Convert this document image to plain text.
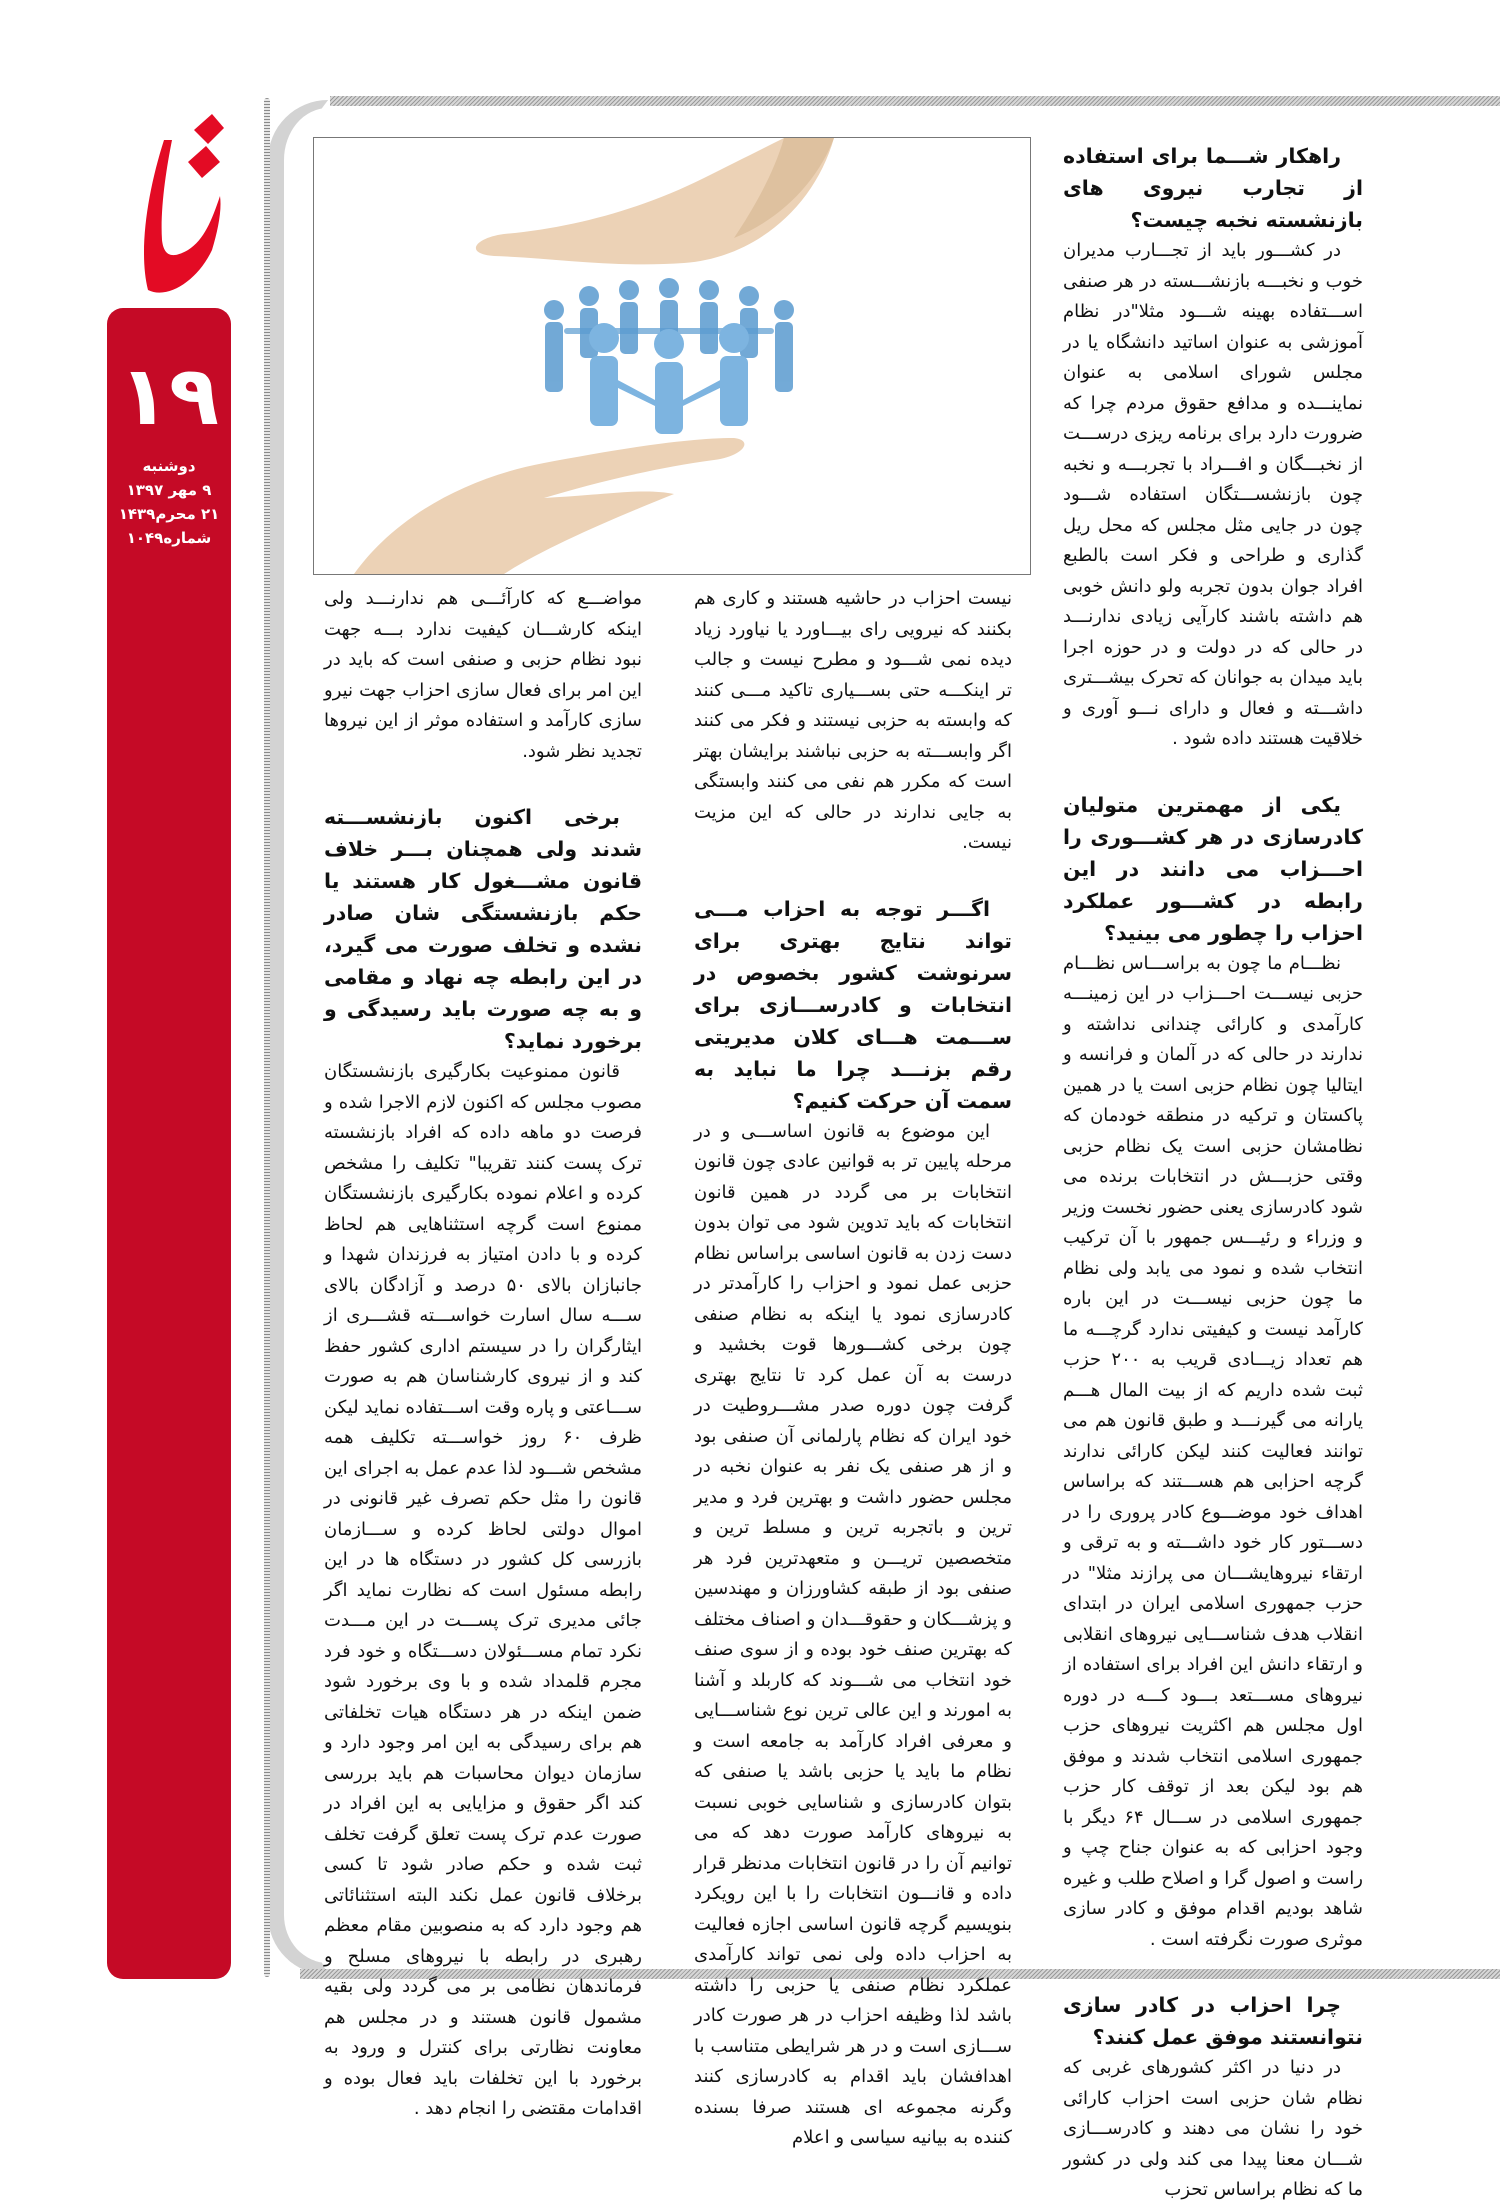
۱۹
دوشنبه
۹ مهر ۱۳۹۷
۲۱ محرم۱۴۳۹
شماره۱۰۴۹
راهکار شـــما برای استفاده از تجارب نیروی های بازنشسته نخبه چیست؟

در کشـــور باید از تجـــارب مدیران خوب و نخبـــه بازنشـــسته در هر صنفی اســـتفاده بهینه شـــود مثلا"در نظام آموزشی به عنوان اساتید دانشگاه یا در مجلس شورای اسلامی به عنوان نماینـــده و مدافع حقوق مردم چرا که ضرورت دارد برای برنامه ریزی درســـت از نخبـــگان و افـــراد با تجربـــه و نخبه چون بازنشســـتگان استفاده شـــود چون در جایی مثل مجلس که محل ریل گذاری و طراحی و فکر است بالطبع افراد جوان بدون تجربه ولو دانش خوبی هم داشته باشند کارآیی زیادی ندارنـــد در حالی که در دولت و در حوزه اجرا باید میدان به جوانان که تحرک بیشـــتری داشـــته و فعال و دارای نـــو آوری و خلاقیت هستند داده شود .

یکی از مهمترین متولیان کادرسازی در هر کشـــوری را احـــزاب می دانند در این رابطه در کشـــور عملکرد احزاب را چطور می بینید؟

نظـــام ما چون به براســـاس نظـــام حزبی نیســـت احـــزاب در این زمینـــه کارآمدی و کارائی چندانی نداشته و ندارند در حالی که در آلمان و فرانسه و ایتالیا چون نظام حزبی است یا در همین پاکستان و ترکیه در منطقه خودمان که نظامشان حزبی است یک نظام حزبی وقتی حزبـــش در انتخابات برنده می شود کادرسازی یعنی حضور نخست وزیر و وزراء و رئیـــس جمهور با آن ترکیب انتخاب شده و نمود می یابد ولی نظام ما چون حزبی نیســـت در این باره کارآمد نیست و کیفیتی ندارد گرچـــه ما هم تعداد زیـــادی قریب به ۲۰۰ حزب ثبت شده داریم که از بیت المال هـــم یارانه می گیرنـــد و طبق قانون هم می توانند فعالیت کنند لیکن کارائی ندارند گرچه احزابی هم هســـتند که براساس اهداف خود موضـــوع کادر پروری را در دســـتور کار خود داشـــته و به ترقی و ارتقاء نیروهایشـــان می پرازند مثلا" در حزب جمهوری اسلامی ایران در ابتدای انقلاب هدف شناســـایی نیروهای انقلابی و ارتقاء دانش این افراد برای استفاده از نیروهای مســـتعد بـــود کـــه در دوره اول مجلس هم اکثریت نیروهای حزب جمهوری اسلامی انتخاب شدند و موفق هم بود لیکن بعد از توقف کار حزب جمهوری اسلامی در ســـال ۶۴ دیگر با وجود احزابی که به عنوان جناح چپ و راست و اصول گرا و اصلاح طلب و غیره شاهد بودیم اقدام موفق و کادر سازی موثری صورت نگرفته است .

چرا احزاب در کادر سازی نتوانستند موفق عمل کنند؟

در دنیا در اکثر کشورهای غربی که نظام شان حزبی است احزاب کارائی خود را نشان می دهند و کادرســـازی شـــان معنا پیدا می کند ولی در کشور ما که نظام براساس تحزب

نیست احزاب در حاشیه هستند و کاری هم بکنند که نیرویی رای بیـــاورد یا نیاورد زیاد دیده نمی شـــود و مطرح نیست و جالب تر اینکـــه حتی بســـیاری تاکید مـــی کنند که وابسته به حزبی نیستند و فکر می کنند اگر وابســـته به حزبی نباشند برایشان بهتر است که مکرر هم نفی می کنند وابستگی به جایی ندارند در حالی که این مزیت نیست.

اگـــر توجه به احزاب مـــی تواند نتایج بهتری برای سرنوشت کشور بخصوص در انتخابات و کادرســـازی برای ســـمت هـــای کلان مدیریتی رقم بزنـــد چرا ما نباید به سمت آن حرکت کنیم؟

این موضوع به قانون اساســـی و در مرحله پایین تر به قوانین عادی چون قانون انتخابات بر می گردد در همین قانون انتخابات که باید تدوین شود می توان بدون دست زدن به قانون اساسی براساس نظام حزبی عمل نمود و احزاب را کارآمدتر در کادرسازی نمود یا اینکه به نظام صنفی چون برخی کشـــورها قوت بخشید و درست به آن عمل کرد تا نتایج بهتری گرفت چون دوره صدر مشـــروطیت در خود ایران که نظام پارلمانی آن صنفی بود و از هر صنفی یک نفر به عنوان نخبه در مجلس حضور داشت و بهترین فرد و مدیر ترین و باتجربه ترین و مسلط ترین و متخصصین تریـــن و متعهدترین فرد هر صنفی بود از طبقه کشاورزان و مهندسین و پزشـــکان و حقوقـــدان و اصناف مختلف که بهترین صنف خود بوده و از سوی صنف خود انتخاب می شـــوند که کاربلد و آشنا به امورند و این عالی ترین نوع شناســـایی و معرفی افراد کارآمد به جامعه است و نظام ما باید یا حزبی باشد یا صنفی که بتوان کادرسازی و شناسایی خوبی نسبت به نیروهای کارآمد صورت دهد که می توانیم آن را در قانون انتخابات مدنظر قرار داده و قانـــون انتخابات را با این رویکرد بنویسیم گرچه قانون اساسی اجازه فعالیت به احزاب داده ولی نمی تواند کارآمدی عملکرد نظام صنفی یا حزبی را داشته باشد لذا وظیفه احزاب در هر صورت کادر ســـازی است و در هر شرایطی متناسب با اهدافشان باید اقدام به کادرسازی کنند وگرنه مجموعه ای هستند صرفا بسنده کننده به بیانیه سیاسی و اعلام

مواضـــع که کارآئـــی هم ندارنـــد ولی اینکه کارشـــان کیفیت ندارد بـــه جهت نبود نظام حزبی و صنفی است که باید در این امر برای فعال سازی احزاب جهت نیرو سازی کارآمد و استفاده موثر از این نیروها تجدید نظر شود.

برخی اکنون بازنشســـته شدند ولی همچنان بـــر خلاف قانون مشـــغول کار هستند یا حکم بازنشستگی شان صادر نشده و تخلف صورت می گیرد، در این رابطه چه نهاد و مقامی و به چه صورت باید رسیدگی و برخورد نماید؟

قانون ممنوعیت بکارگیری بازنشستگان مصوب مجلس که اکنون لازم الاجرا شده و فرصت دو ماهه داده که افراد بازنشسته ترک پست کنند تقریبا" تکلیف را مشخص کرده و اعلام نموده بکارگیری بازنشستگان ممنوع است گرچه استثناهایی هم لحاظ کرده و با دادن امتیاز به فرزندان شهدا و جانبازان بالای ۵۰ درصد و آزادگان بالای ســـه سال اسارت خواســـته قشـــری از ایثارگران را در سیستم اداری کشور حفظ کند و از نیروی کارشناسان هم به صورت ســـاعتی و پاره وقت اســـتفاده نماید لیکن ظرف ۶۰ روز خواســـته تکلیف همه مشخص شـــود لذا عدم عمل به اجرای این قانون را مثل حکم تصرف غیر قانونی در اموال دولتی لحاظ کرده و ســـازمان بازرسی کل کشور در دستگاه ها در این رابطه مسئول است که نظارت نماید اگر جائی مدیری ترک پســـت در این مـــدت نکرد تمام مســـئولان دســـتگاه و خود فرد مجرم قلمداد شده و با وی برخورد شود ضمن اینکه در هر دستگاه هیات تخلفاتی هم برای رسیدگی به این امر وجود دارد و سازمان دیوان محاسبات هم باید بررسی کند اگر حقوق و مزایایی به این افراد در صورت عدم ترک پست تعلق گرفت تخلف ثبت شده و حکم صادر شود تا کسی برخلاف قانون عمل نکند البته استثنائاتی هم وجود دارد که به منصوبین مقام معظم رهبری در رابطه با نیروهای مسلح و فرماندهان نظامی بر می گردد ولی بقیه مشمول قانون هستند و در مجلس هم معاونت نظارتی برای کنترل و ورود به برخورد با این تخلفات باید فعال بوده و اقدامات مقتضی را انجام دهد .
